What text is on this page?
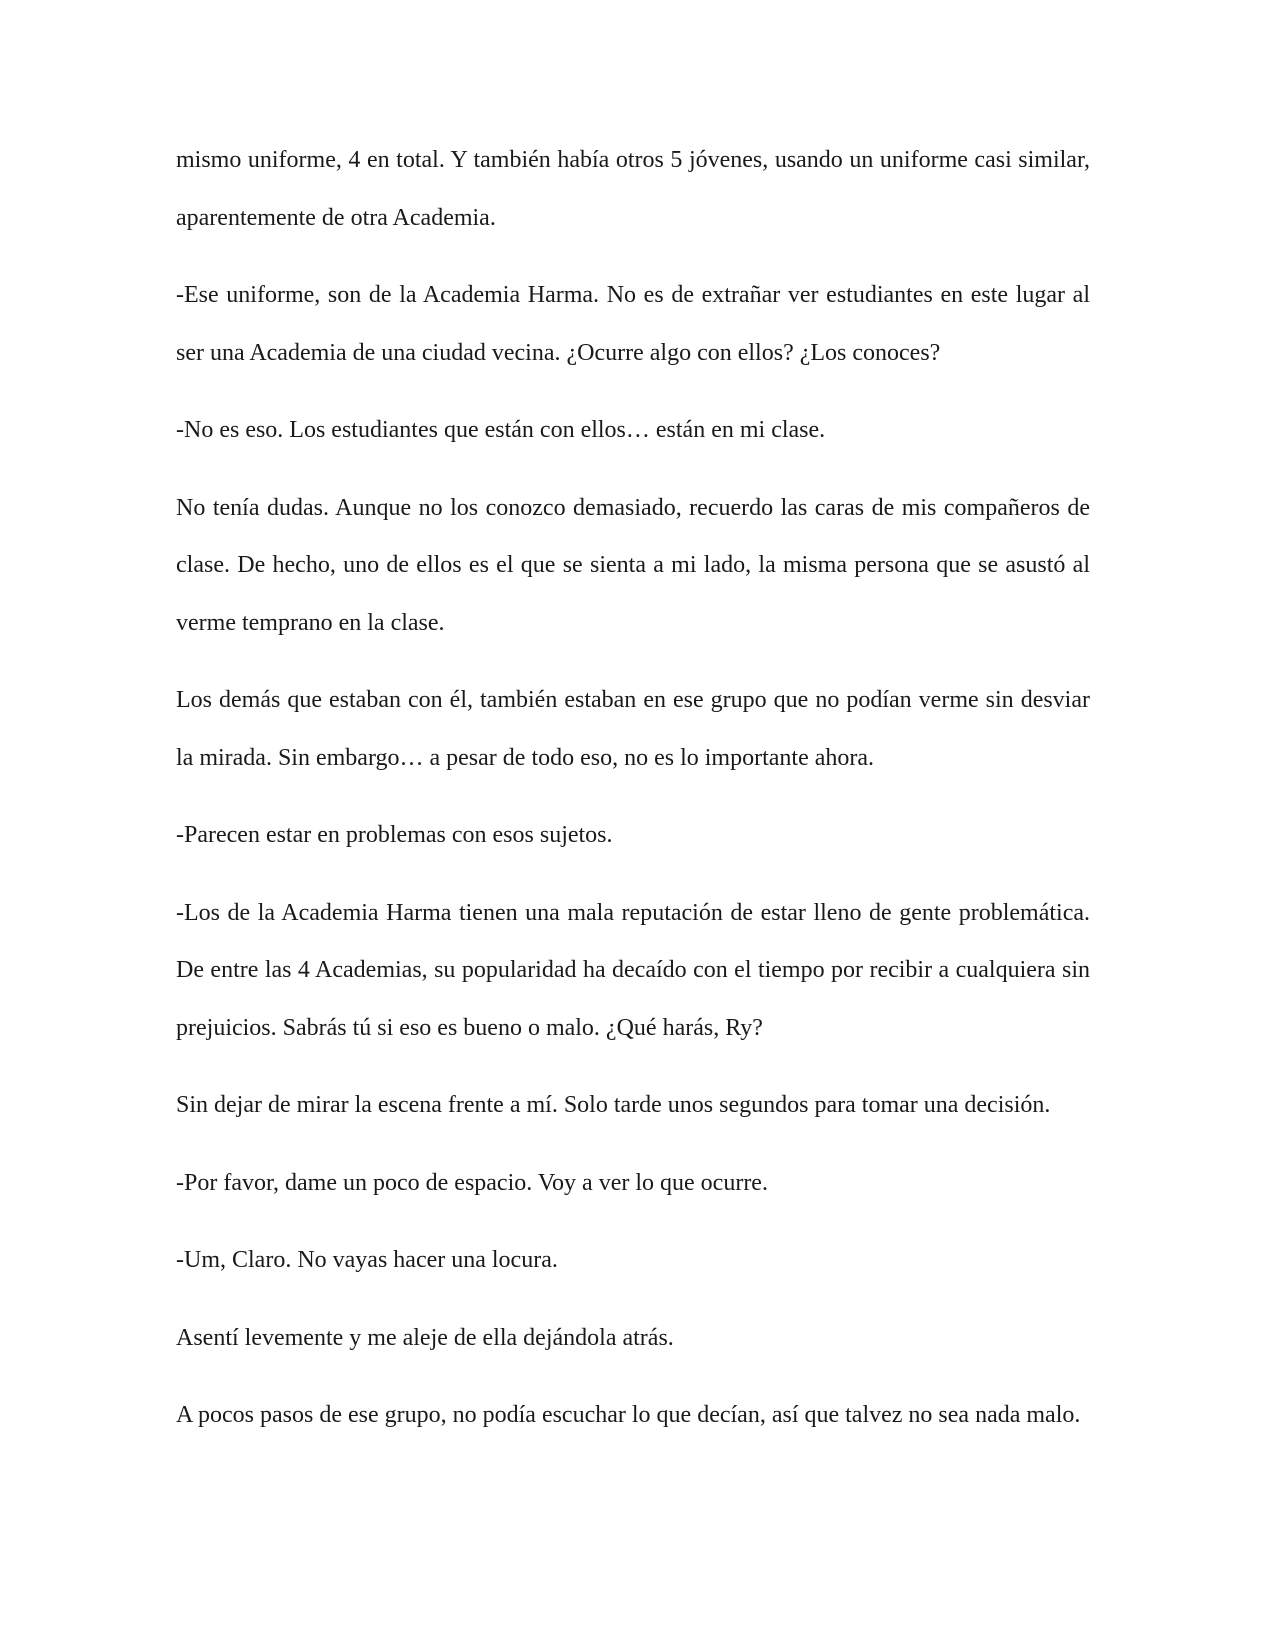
mismo uniforme, 4 en total. Y también había otros 5 jóvenes, usando un uniforme casi similar, aparentemente de otra Academia.

-Ese uniforme, son de la Academia Harma. No es de extrañar ver estudiantes en este lugar al ser una Academia de una ciudad vecina. ¿Ocurre algo con ellos? ¿Los conoces?

-No es eso. Los estudiantes que están con ellos… están en mi clase.

No tenía dudas. Aunque no los conozco demasiado, recuerdo las caras de mis compañeros de clase. De hecho, uno de ellos es el que se sienta a mi lado, la misma persona que se asustó al verme temprano en la clase.

Los demás que estaban con él, también estaban en ese grupo que no podían verme sin desviar la mirada. Sin embargo… a pesar de todo eso, no es lo importante ahora.

-Parecen estar en problemas con esos sujetos.

-Los de la Academia Harma tienen una mala reputación de estar lleno de gente problemática. De entre las 4 Academias, su popularidad ha decaído con el tiempo por recibir a cualquiera sin prejuicios. Sabrás tú si eso es bueno o malo. ¿Qué harás, Ry?

Sin dejar de mirar la escena frente a mí. Solo tarde unos segundos para tomar una decisión.

-Por favor, dame un poco de espacio. Voy a ver lo que ocurre.

-Um, Claro. No vayas hacer una locura.

Asentí levemente y me aleje de ella dejándola atrás.

A pocos pasos de ese grupo, no podía escuchar lo que decían, así que talvez no sea nada malo.
